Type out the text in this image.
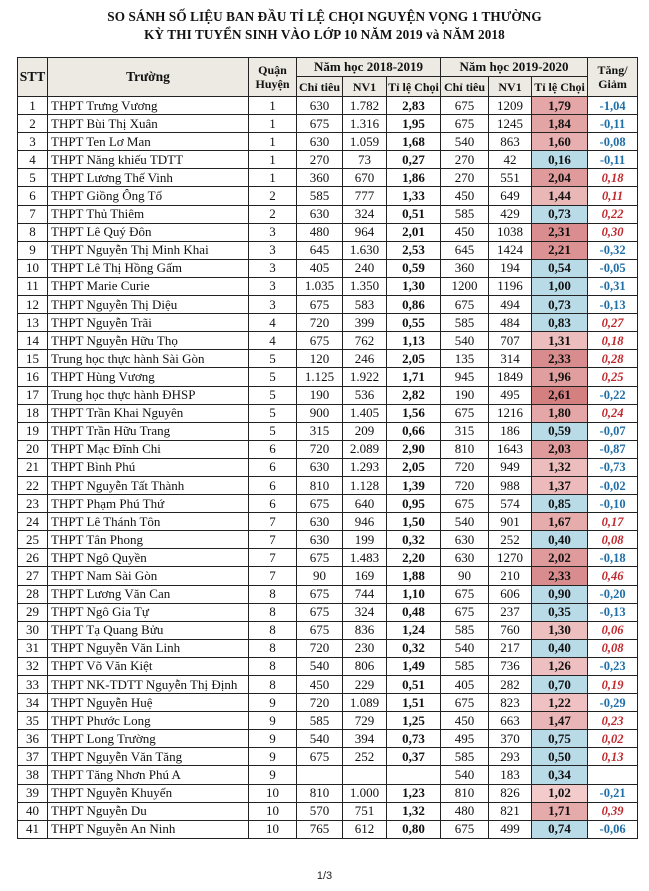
SO SÁNH SỐ LIỆU BAN ĐẦU TỈ LỆ CHỌI NGUYỆN VỌNG 1 THƯỜNG
KỲ THI TUYỂN SINH VÀO LỚP 10 NĂM 2019 và NĂM 2018
STT	Trường	Quận Huyện	Năm học 2018-2019			Năm học 2019-2020			Tăng/ Giảm
			Chỉ tiêu	NV1	Tỉ lệ Chọi	Chỉ tiêu	NV1	Tỉ lệ Chọi	
1	THPT Trưng Vương	1	630	1.782	2,83	675	1209	1,79	-1,04
2	THPT Bùi Thị Xuân	1	675	1.316	1,95	675	1245	1,84	-0,11
3	THPT Ten Lơ Man	1	630	1.059	1,68	540	863	1,60	-0,08
4	THPT Năng khiếu TDTT	1	270	73	0,27	270	42	0,16	-0,11
5	THPT Lương Thế Vinh	1	360	670	1,86	270	551	2,04	0,18
6	THPT Giồng Ông Tố	2	585	777	1,33	450	649	1,44	0,11
7	THPT Thủ Thiêm	2	630	324	0,51	585	429	0,73	0,22
8	THPT Lê Quý Đôn	3	480	964	2,01	450	1038	2,31	0,30
9	THPT Nguyễn Thị Minh Khai	3	645	1.630	2,53	645	1424	2,21	-0,32
10	THPT Lê Thị Hồng Gấm	3	405	240	0,59	360	194	0,54	-0,05
11	THPT Marie Curie	3	1.035	1.350	1,30	1200	1196	1,00	-0,31
12	THPT Nguyễn Thị Diệu	3	675	583	0,86	675	494	0,73	-0,13
13	THPT Nguyễn Trãi	4	720	399	0,55	585	484	0,83	0,27
14	THPT Nguyễn Hữu Thọ	4	675	762	1,13	540	707	1,31	0,18
15	Trung học thực hành Sài Gòn	5	120	246	2,05	135	314	2,33	0,28
16	THPT Hùng Vương	5	1.125	1.922	1,71	945	1849	1,96	0,25
17	Trung học thực hành ĐHSP	5	190	536	2,82	190	495	2,61	-0,22
18	THPT Trần Khai Nguyên	5	900	1.405	1,56	675	1216	1,80	0,24
19	THPT Trần Hữu Trang	5	315	209	0,66	315	186	0,59	-0,07
20	THPT Mạc Đĩnh Chi	6	720	2.089	2,90	810	1643	2,03	-0,87
21	THPT Bình Phú	6	630	1.293	2,05	720	949	1,32	-0,73
22	THPT Nguyễn Tất Thành	6	810	1.128	1,39	720	988	1,37	-0,02
23	THPT Phạm Phú Thứ	6	675	640	0,95	675	574	0,85	-0,10
24	THPT Lê Thánh Tôn	7	630	946	1,50	540	901	1,67	0,17
25	THPT Tân Phong	7	630	199	0,32	630	252	0,40	0,08
26	THPT Ngô Quyền	7	675	1.483	2,20	630	1270	2,02	-0,18
27	THPT Nam Sài Gòn	7	90	169	1,88	90	210	2,33	0,46
28	THPT Lương Văn Can	8	675	744	1,10	675	606	0,90	-0,20
29	THPT Ngô Gia Tự	8	675	324	0,48	675	237	0,35	-0,13
30	THPT Tạ Quang Bửu	8	675	836	1,24	585	760	1,30	0,06
31	THPT Nguyễn Văn Linh	8	720	230	0,32	540	217	0,40	0,08
32	THPT Võ Văn Kiệt	8	540	806	1,49	585	736	1,26	-0,23
33	THPT NK-TDTT Nguyễn Thị Định	8	450	229	0,51	405	282	0,70	0,19
34	THPT Nguyễn Huệ	9	720	1.089	1,51	675	823	1,22	-0,29
35	THPT Phước Long	9	585	729	1,25	450	663	1,47	0,23
36	THPT Long Trường	9	540	394	0,73	495	370	0,75	0,02
37	THPT Nguyễn Văn Tăng	9	675	252	0,37	585	293	0,50	0,13
38	THPT Tăng Nhơn Phú A	9				540	183	0,34	
39	THPT Nguyễn Khuyến	10	810	1.000	1,23	810	826	1,02	-0,21
40	THPT Nguyễn Du	10	570	751	1,32	480	821	1,71	0,39
41	THPT Nguyễn An Ninh	10	765	612	0,80	675	499	0,74	-0,06
1/3
